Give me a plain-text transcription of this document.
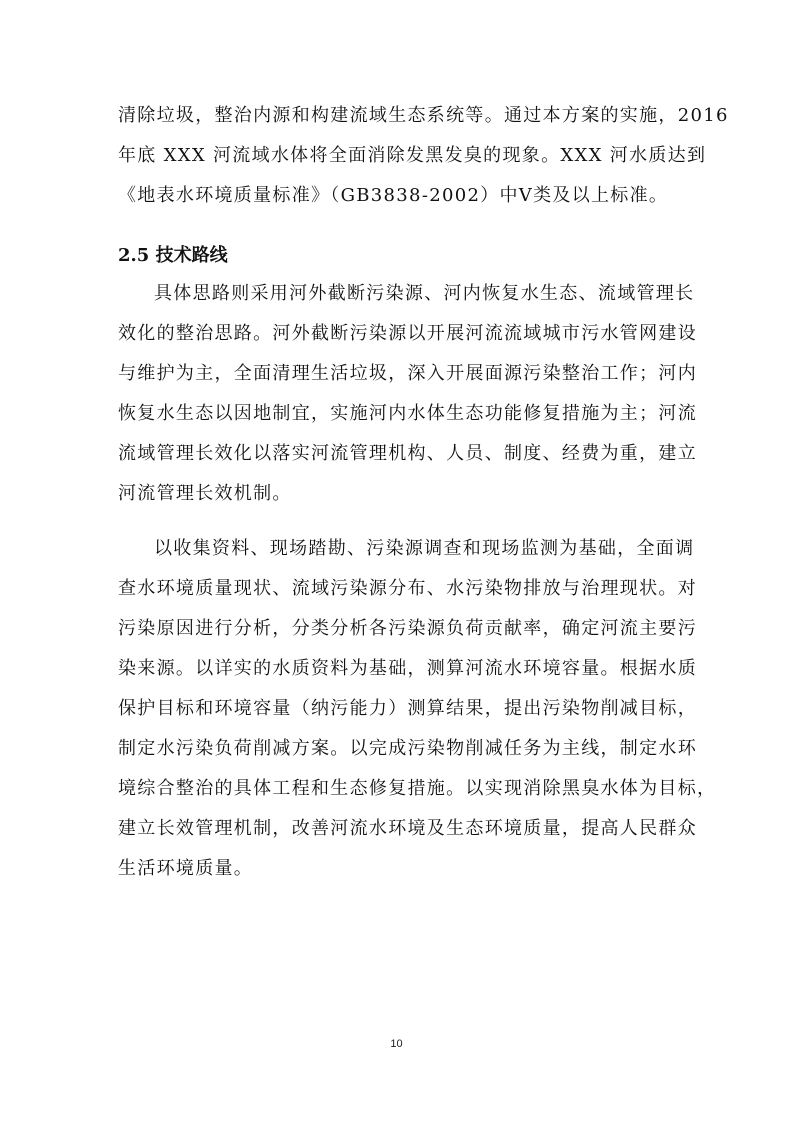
清除垃圾，整治内源和构建流域生态系统等。通过本方案的实施，2016
年底 XXX 河流域水体将全面消除发黑发臭的现象。XXX 河水质达到
《地表水环境质量标准》（GB3838-2002）中Ⅴ类及以上标准。
2.5 技术路线
具体思路则采用河外截断污染源、河内恢复水生态、流域管理长
效化的整治思路。河外截断污染源以开展河流流域城市污水管网建设
与维护为主，全面清理生活垃圾，深入开展面源污染整治工作；河内
恢复水生态以因地制宜，实施河内水体生态功能修复措施为主；河流
流域管理长效化以落实河流管理机构、人员、制度、经费为重，建立
河流管理长效机制。
以收集资料、现场踏勘、污染源调查和现场监测为基础，全面调
查水环境质量现状、流域污染源分布、水污染物排放与治理现状。对
污染原因进行分析，分类分析各污染源负荷贡献率，确定河流主要污
染来源。以详实的水质资料为基础，测算河流水环境容量。根据水质
保护目标和环境容量（纳污能力）测算结果，提出污染物削减目标，
制定水污染负荷削减方案。以完成污染物削减任务为主线，制定水环
境综合整治的具体工程和生态修复措施。以实现消除黑臭水体为目标，
建立长效管理机制，改善河流水环境及生态环境质量，提高人民群众
生活环境质量。
10
